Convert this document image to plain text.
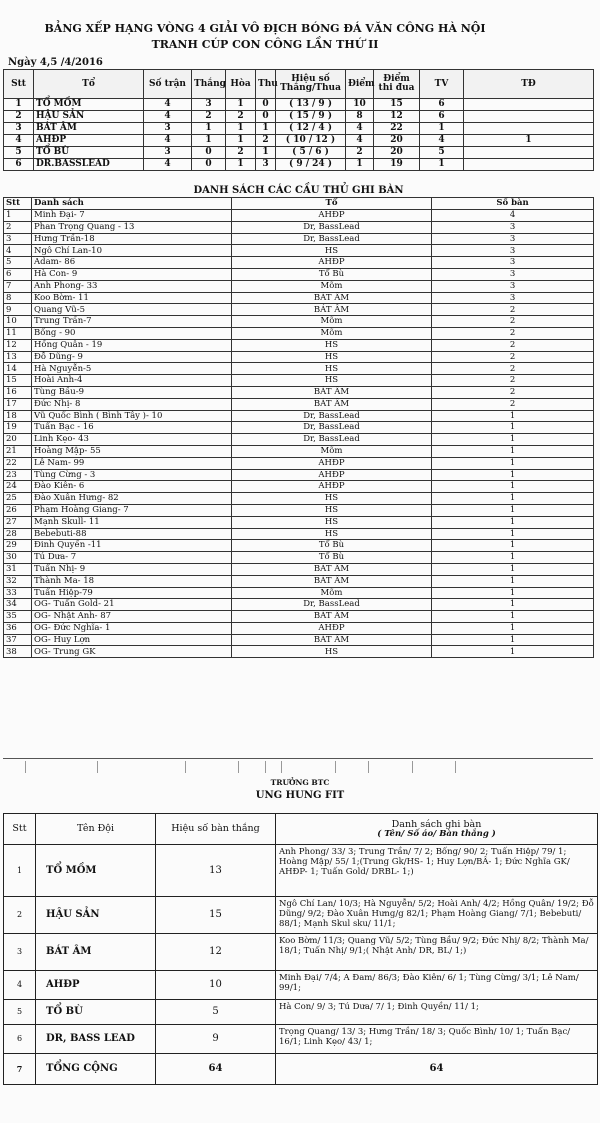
BẢNG XẾP HẠNG VÒNG 4 GIẢI VÔ ĐỊCH BÓNG ĐÁ VĂN CÔNG HÀ NỘI
TRANH CÚP CON CÔNG LẦN THỨ II
Ngày 4,5 /4/2016
Stt	Tổ	Số trận	Thắng	Hòa	Thu	Hiệu số Thắng/Thua	Điểm	Điểm thi đua	TV	TĐ
1	TỔ MỒM	4	3	1	0	( 13 / 9 )	10	15	6	
2	HẬU SẢN	4	2	2	0	( 15 / 9 )	8	12	6	
3	BÁT ÂM	3	1	1	1	( 12 / 4 )	4	22	1	
4	AHĐP	4	1	1	2	( 10 / 12 )	4	20	4	1
5	TỔ BÙ	3	0	2	1	( 5 / 6 )	2	20	5	
6	DR.BASSLEAD	4	0	1	3	( 9 / 24 )	1	19	1	
DANH SÁCH CÁC CẦU THỦ GHI BÀN			
Stt	Danh sách	Tổ	Số bàn
1	Minh Đại- 7	AHĐP	4
2	Phan Trọng Quang - 13	Dr, BassLead	3
3	Hưng Trần-18	Dr, BassLead	3
4	Ngô Chí Lan-10	HS	3
5	Adam- 86	AHĐP	3
6	Hà Con- 9	Tổ Bù	3
7	Anh Phong- 33	Mõm	3
8	Koo Bờm- 11	BÁT ÂM	3
9	Quang Vũ-5	BÁT ÂM	2
10	Trung Trần-7	Mõm	2
11	Bống - 90	Mõm	2
12	Hồng Quân - 19	HS	2
13	Đỗ Dũng- 9	HS	2
14	Hà Nguyễn-5	HS	2
15	Hoài Anh-4	HS	2
16	Tùng Bầu-9	BÁT ÂM	2
17	Đức Nhị- 8	BÁT ÂM	2
18	Vũ Quốc Bình ( Bình Tây )- 10	Dr, BassLead	1
19	Tuấn Bạc - 16	Dr, BassLead	1
20	Linh Kẹo- 43	Dr, BassLead	1
21	Hoàng Mập- 55	Mõm	1
22	Lê Nam- 99	AHĐP	1
23	Tùng Cừng - 3	AHĐP	1
24	Đào Kiên- 6	AHĐP	1
25	Đào Xuân Hưng- 82	HS	1
26	Phạm Hoàng Giang- 7	HS	1
27	Mạnh Skull- 11	HS	1
28	Bebebuti-88	HS	1
29	Đinh Quyền -11	Tổ Bù	1
30	Tú Dưa- 7	Tổ Bù	1
31	Tuấn Nhị- 9	BÁT ÂM	1
32	Thành Ma- 18	BÁT ÂM	1
33	Tuấn Hiệp-79	Mõm	1
34	OG- Tuấn Gold- 21	Dr, BassLead	1
35	OG- Nhật Anh- 87	BÁT ÂM	1
36	OG- Đức Nghĩa- 1	AHĐP	1
37	OG- Huy Lợn	BÁT ÂM	1
38	OG- Trung GK	HS	1
TRƯỞNG BTC
UNG HUNG FIT
Stt	Tên Đội	Hiệu số bàn thắng	Danh sách ghi bàn
( Tên/ Số áo/ Bàn thắng )

1	TỔ MỒM	13	Anh Phong/ 33/ 3; Trung Trần/ 7/ 2; Bống/ 90/ 2; Tuấn Hiệp/ 79/ 1; Hoàng Mập/ 55/ 1;(Trung Gk/HS- 1; Huy Lợn/BÂ- 1; Đức Nghĩa GK/ AHĐP- 1; Tuấn Gold/ DRBL- 1;)
2	HẬU SẢN	15	Ngô Chí Lan/ 10/3; Hà Nguyễn/ 5/2; Hoài Anh/ 4/2; Hồng Quân/ 19/2; Đỗ Dũng/ 9/2; Đào Xuân Hưng/g 82/1; Phạm Hoàng Giang/ 7/1; Bebebuti/ 88/1; Mạnh Skul sku/ 11/1;
3	BÁT ÂM	12	Koo Bờm/ 11/3; Quang Vũ/ 5/2; Tùng Bầu/ 9/2; Đức Nhị/ 8/2; Thành Ma/ 18/1; Tuấn Nhị/ 9/1;( Nhật Anh/ DR, BL/ 1;)
4	AHĐP	10	Minh Đại/ 7/4; A Đam/ 86/3; Đào Kiên/ 6/ 1; Tùng Cừng/ 3/1; Lê Nam/ 99/1;
5	TỔ BÙ	5	Hà Con/ 9/ 3; Tú Dưa/ 7/ 1; Đinh Quyền/ 11/ 1;
6	DR, BASS LEAD	9	Trọng Quang/ 13/ 3; Hưng Trần/ 18/ 3; Quốc Bình/ 10/ 1; Tuấn Bạc/ 16/1; Linh Kẹo/ 43/ 1;
7	TỔNG CỘNG	64	64
